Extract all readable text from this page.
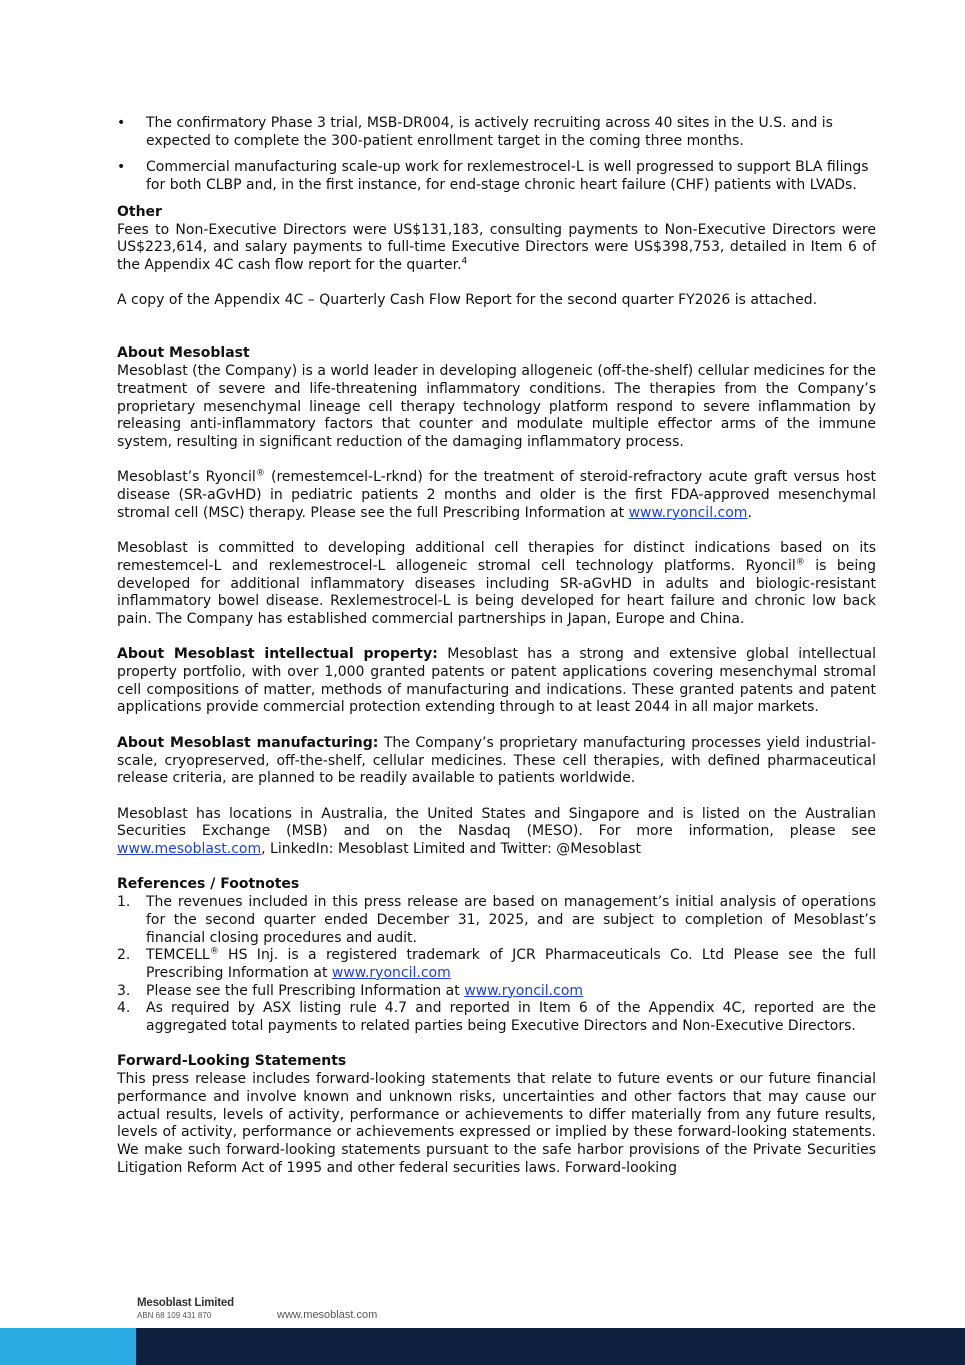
• The confirmatory Phase 3 trial, MSB-DR004, is actively recruiting across 40 sites in the U.S. and is expected to complete the 300-patient enrollment target in the coming three months.
• Commercial manufacturing scale-up work for rexlemestrocel-L is well progressed to support BLA filings for both CLBP and, in the first instance, for end-stage chronic heart failure (CHF) patients with LVADs.

Other

Fees to Non-Executive Directors were US$131,183, consulting payments to Non-Executive Directors were US$223,614, and salary payments to full-time Executive Directors were US$398,753, detailed in Item 6 of the Appendix 4C cash flow report for the quarter.$^4$

A copy of the Appendix 4C – Quarterly Cash Flow Report for the second quarter FY2026 is attached.

About Mesoblast

Mesoblast (the Company) is a world leader in developing allogeneic (off-the-shelf) cellular medicines for the treatment of severe and life-threatening inflammatory conditions. The therapies from the Company’s proprietary mesenchymal lineage cell therapy technology platform respond to severe inflammation by releasing anti-inflammatory factors that counter and modulate multiple effector arms of the immune system, resulting in significant reduction of the damaging inflammatory process.

Mesoblast’s Ryoncil® (remestemcel-L-rknd) for the treatment of steroid-refractory acute graft versus host disease (SR-aGvHD) in pediatric patients 2 months and older is the first FDA-approved mesenchymal stromal cell (MSC) therapy. Please see the full Prescribing Information at www.ryoncil.com.

Mesoblast is committed to developing additional cell therapies for distinct indications based on its remestemcel-L and rexlemestrocel-L allogeneic stromal cell technology platforms. Ryoncil® is being developed for additional inflammatory diseases including SR-aGvHD in adults and biologic-resistant inflammatory bowel disease. Rexlemestrocel-L is being developed for heart failure and chronic low back pain. The Company has established commercial partnerships in Japan, Europe and China.

About Mesoblast intellectual property: Mesoblast has a strong and extensive global intellectual property portfolio, with over 1,000 granted patents or patent applications covering mesenchymal stromal cell compositions of matter, methods of manufacturing and indications. These granted patents and patent applications provide commercial protection extending through to at least 2044 in all major markets.

About Mesoblast manufacturing: The Company’s proprietary manufacturing processes yield industrial-scale, cryopreserved, off-the-shelf, cellular medicines. These cell therapies, with defined pharmaceutical release criteria, are planned to be readily available to patients worldwide.

Mesoblast has locations in Australia, the United States and Singapore and is listed on the Australian Securities Exchange (MSB) and on the Nasdaq (MESO). For more information, please see www.mesoblast.com, LinkedIn: Mesoblast Limited and Twitter: @Mesoblast

References / Footnotes

1. The revenues included in this press release are based on management’s initial analysis of operations for the second quarter ended December 31, 2025, and are subject to completion of Mesoblast’s financial closing procedures and audit.
2. TEMCELL® HS Inj. is a registered trademark of JCR Pharmaceuticals Co. Ltd Please see the full Prescribing Information at www.ryoncil.com
3. Please see the full Prescribing Information at www.ryoncil.com
4. As required by ASX listing rule 4.7 and reported in Item 6 of the Appendix 4C, reported are the aggregated total payments to related parties being Executive Directors and Non-Executive Directors.

Forward-Looking Statements

This press release includes forward-looking statements that relate to future events or our future financial performance and involve known and unknown risks, uncertainties and other factors that may cause our actual results, levels of activity, performance or achievements to differ materially from any future results, levels of activity, performance or achievements expressed or implied by these forward-looking statements. We make such forward-looking statements pursuant to the safe harbor provisions of the Private Securities Litigation Reform Act of 1995 and other federal securities laws. Forward-looking

Mesoblast Limited
ABN 68 109 431 870	www.mesoblast.com
